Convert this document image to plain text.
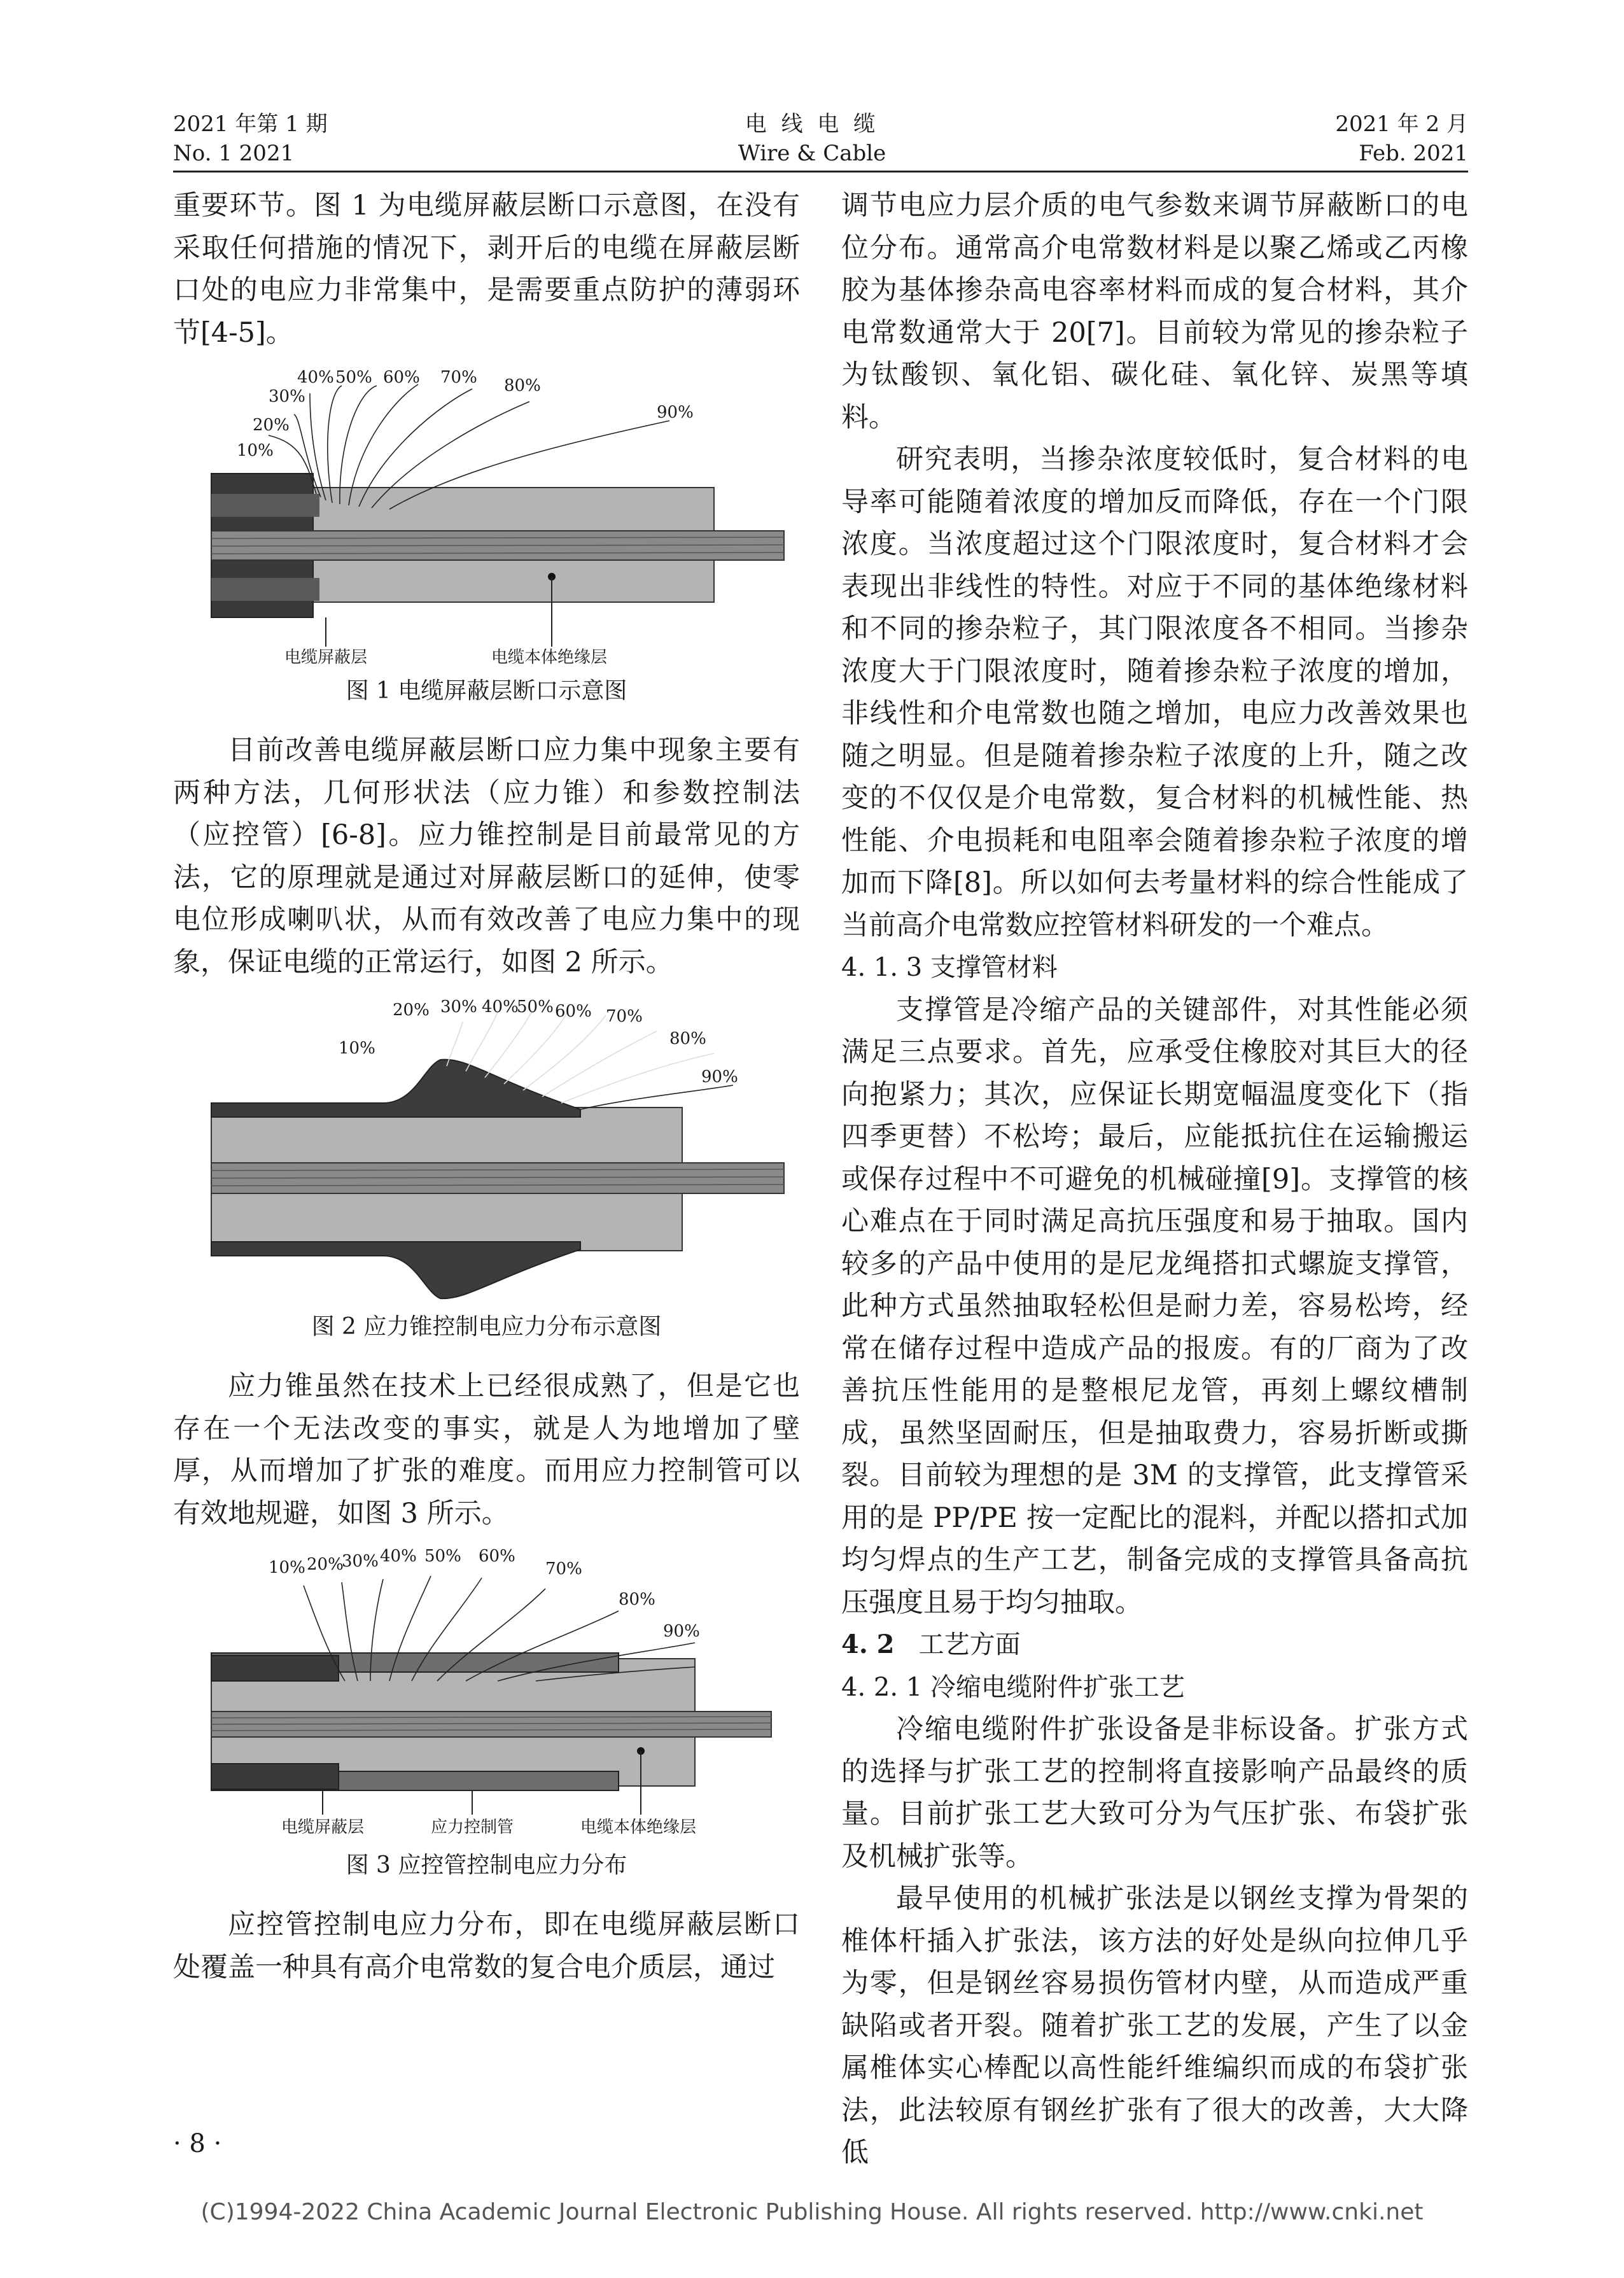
2021 年第 1 期
No. 1 2021
电 线 电 缆
Wire & Cable
2021 年 2 月
Feb. 2021

重要环节。图 1 为电缆屏蔽层断口示意图，在没有采取任何措施的情况下，剥开后的电缆在屏蔽层断口处的电应力非常集中，是需要重点防护的薄弱环节[4-5]。

10%
20%
30%
40% 50% 60% 70% 80%
90%
电缆屏蔽层	电缆本体绝缘层
图 1 电缆屏蔽层断口示意图

目前改善电缆屏蔽层断口应力集中现象主要有两种方法，几何形状法（应力锥）和参数控制法（应控管）[6-8]。应力锥控制是目前最常见的方法，它的原理就是通过对屏蔽层断口的延伸，使零电位形成喇叭状，从而有效改善了电应力集中的现象，保证电缆的正常运行，如图 2 所示。

10%
20% 30% 40%
50% 60% 70%
80%
90%
图 2 应力锥控制电应力分布示意图

应力锥虽然在技术上已经很成熟了，但是它也存在一个无法改变的事实，就是人为地增加了壁厚，从而增加了扩张的难度。而用应力控制管可以有效地规避，如图 3 所示。

10% 20%
30% 40% 50% 60%
70%
80%
90%
电缆屏蔽层	应力控制管	电缆本体绝缘层
图 3 应控管控制电应力分布

应控管控制电应力分布，即在电缆屏蔽层断口处覆盖一种具有高介电常数的复合电介质层，通过

调节电应力层介质的电气参数来调节屏蔽断口的电位分布。通常高介电常数材料是以聚乙烯或乙丙橡胶为基体掺杂高电容率材料而成的复合材料，其介电常数通常大于 20[7]。目前较为常见的掺杂粒子为钛酸钡、氧化铝、碳化硅、氧化锌、炭黑等填料。

研究表明，当掺杂浓度较低时，复合材料的电导率可能随着浓度的增加反而降低，存在一个门限浓度。当浓度超过这个门限浓度时，复合材料才会表现出非线性的特性。对应于不同的基体绝缘材料和不同的掺杂粒子，其门限浓度各不相同。当掺杂浓度大于门限浓度时，随着掺杂粒子浓度的增加，非线性和介电常数也随之增加，电应力改善效果也随之明显。但是随着掺杂粒子浓度的上升，随之改变的不仅仅是介电常数，复合材料的机械性能、热性能、介电损耗和电阻率会随着掺杂粒子浓度的增加而下降[8]。所以如何去考量材料的综合性能成了当前高介电常数应控管材料研发的一个难点。

4. 1. 3 支撑管材料

支撑管是冷缩产品的关键部件，对其性能必须满足三点要求。首先，应承受住橡胶对其巨大的径向抱紧力；其次，应保证长期宽幅温度变化下（指四季更替）不松垮；最后，应能抵抗住在运输搬运或保存过程中不可避免的机械碰撞[9]。支撑管的核心难点在于同时满足高抗压强度和易于抽取。国内较多的产品中使用的是尼龙绳搭扣式螺旋支撑管，此种方式虽然抽取轻松但是耐力差，容易松垮，经常在储存过程中造成产品的报废。有的厂商为了改善抗压性能用的是整根尼龙管，再刻上螺纹槽制成，虽然坚固耐压，但是抽取费力，容易折断或撕裂。目前较为理想的是 3M 的支撑管，此支撑管采用的是 PP/PE 按一定配比的混料，并配以搭扣式加均匀焊点的生产工艺，制备完成的支撑管具备高抗压强度且易于均匀抽取。

4. 2 工艺方面
4. 2. 1 冷缩电缆附件扩张工艺

冷缩电缆附件扩张设备是非标设备。扩张方式的选择与扩张工艺的控制将直接影响产品最终的质量。目前扩张工艺大致可分为气压扩张、布袋扩张及机械扩张等。

最早使用的机械扩张法是以钢丝支撑为骨架的椎体杆插入扩张法，该方法的好处是纵向拉伸几乎为零，但是钢丝容易损伤管材内壁，从而造成严重缺陷或者开裂。随着扩张工艺的发展，产生了以金属椎体实心棒配以高性能纤维编织而成的布袋扩张法，此法较原有钢丝扩张有了很大的改善，大大降低

· 8 ·
(C)1994-2022 China Academic Journal Electronic Publishing House. All rights reserved. http://www.cnki.net
